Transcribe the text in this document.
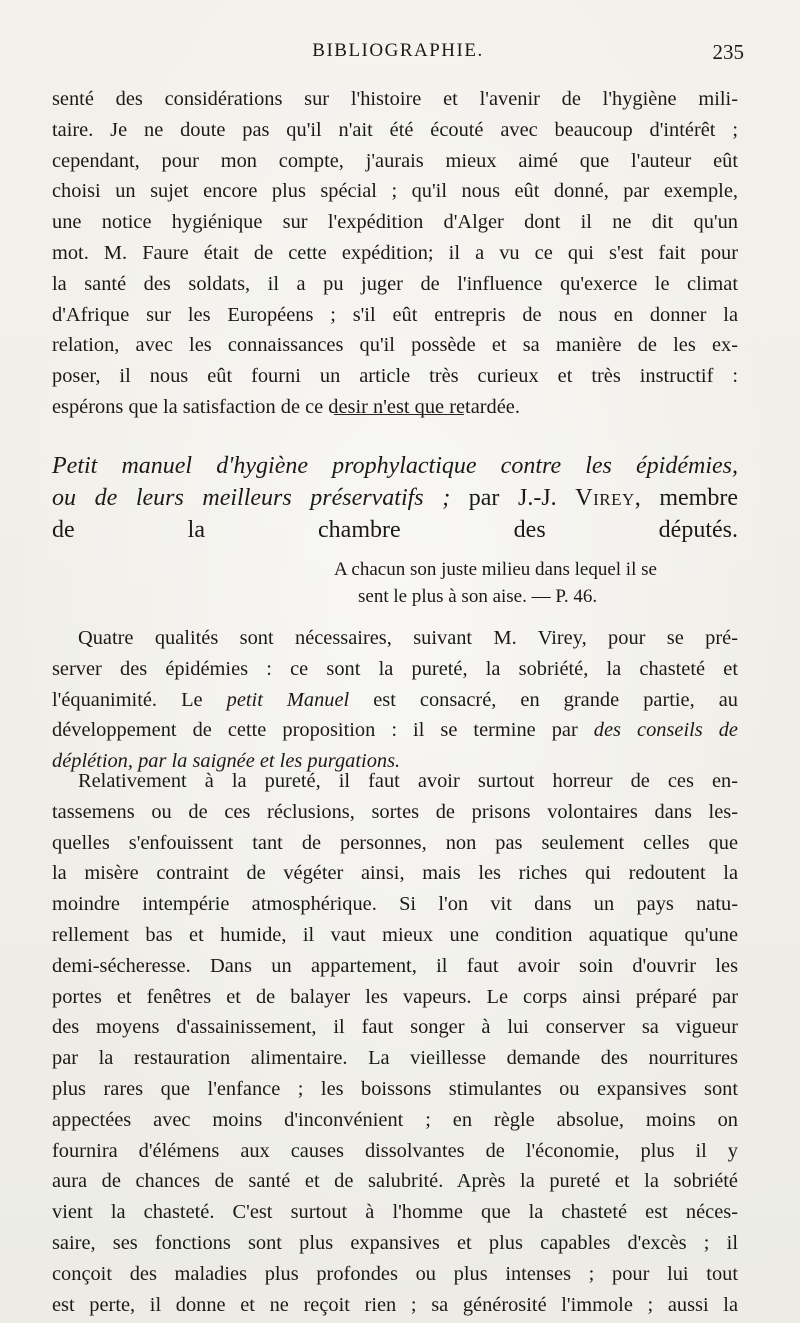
BIBLIOGRAPHIE.	235
senté des considérations sur l'histoire et l'avenir de l'hygiène mili-
taire. Je ne doute pas qu'il n'ait été écouté avec beaucoup d'intérêt ;
cependant, pour mon compte, j'aurais mieux aimé que l'auteur eût
choisi un sujet encore plus spécial ; qu'il nous eût donné, par exemple,
une notice hygiénique sur l'expédition d'Alger dont il ne dit qu'un
mot. M. Faure était de cette expédition; il a vu ce qui s'est fait pour
la santé des soldats, il a pu juger de l'influence qu'exerce le climat
d'Afrique sur les Européens ; s'il eût entrepris de nous en donner la
relation, avec les connaissances qu'il possède et sa manière de les ex-
poser, il nous eût fourni un article très curieux et très instructif :
espérons que la satisfaction de ce desir n'est que retardée.
Petit manuel d'hygiène prophylactique contre les épidémies,
ou de leurs meilleurs préservatifs ; par J.-J. Virey, membre
de la chambre des députés.
A chacun son juste milieu dans lequel il se
sent le plus à son aise. — P. 46.
Quatre qualités sont nécessaires, suivant M. Virey, pour se pré-
server des épidémies : ce sont la pureté, la sobriété, la chasteté et
l'équanimité. Le petit Manuel est consacré, en grande partie, au
développement de cette proposition : il se termine par des conseils de
déplétion, par la saignée et les purgations.
Relativement à la pureté, il faut avoir surtout horreur de ces en-
tassemens ou de ces réclusions, sortes de prisons volontaires dans les-
quelles s'enfouissent tant de personnes, non pas seulement celles que
la misère contraint de végéter ainsi, mais les riches qui redoutent la
moindre intempérie atmosphérique. Si l'on vit dans un pays natu-
rellement bas et humide, il vaut mieux une condition aquatique qu'une
demi-sécheresse. Dans un appartement, il faut avoir soin d'ouvrir les
portes et fenêtres et de balayer les vapeurs. Le corps ainsi préparé par
des moyens d'assainissement, il faut songer à lui conserver sa vigueur
par la restauration alimentaire. La vieillesse demande des nourritures
plus rares que l'enfance ; les boissons stimulantes ou expansives sont
appectées avec moins d'inconvénient ; en règle absolue, moins on
fournira d'élémens aux causes dissolvantes de l'économie, plus il y
aura de chances de santé et de salubrité. Après la pureté et la sobriété
vient la chasteté. C'est surtout à l'homme que la chasteté est néces-
saire, ses fonctions sont plus expansives et plus capables d'excès ; il
conçoit des maladies plus profondes ou plus intenses ; pour lui tout
est perte, il donne et ne reçoit rien ; sa générosité l'immole ; aussi la
